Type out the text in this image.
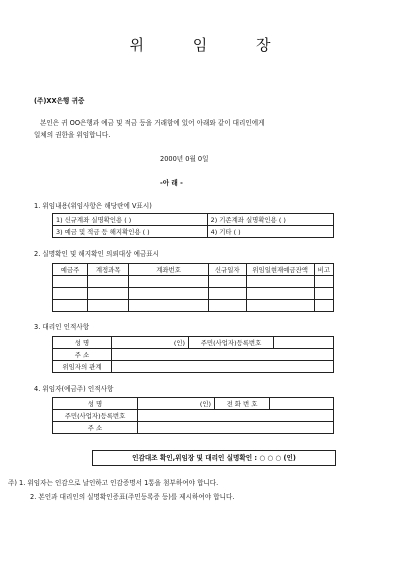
위 임 장
(주)XX은행 귀중
본인은 귀 OO은행과 예금 및 적금 등을 거래함에 있어 아래와 같이 대리인에게
일체의 권한을 위임합니다.
2000년 0월 0일
-아 래 -
1. 위임내용(위임사항은 해당란에 V표시)
1) 신규계좌 실명확인용 ( )	2) 기존계좌 실명확인용 ( )
3) 예금 및 적금 등 해지확인용 ( )	4) 기타 ( )
2. 실명확인 및 해지확인 의뢰대상 예금표시
예금주	계정과목	계좌번호	신규일자	위임일현재예금잔액	비고

3. 대리인 인적사항
성 명	(인)	주민(사업자)등록번호	
주 소			
위임자의 관계			
4. 위임자(예금주) 인적사항
성 명	(인)	전 화 번 호	
주민(사업자)등록번호			
주 소			
인감대조 확인,위임장 및 대리인 실명확인 : ○ ○ ○ (인)
주) 1. 위임자는 인감으로 날인하고 인감증명서 1통을 첨부하여야 합니다.
2. 본인과 대리인의 실명확인증표(주민등록증 등)를 제시하여야 합니다.
